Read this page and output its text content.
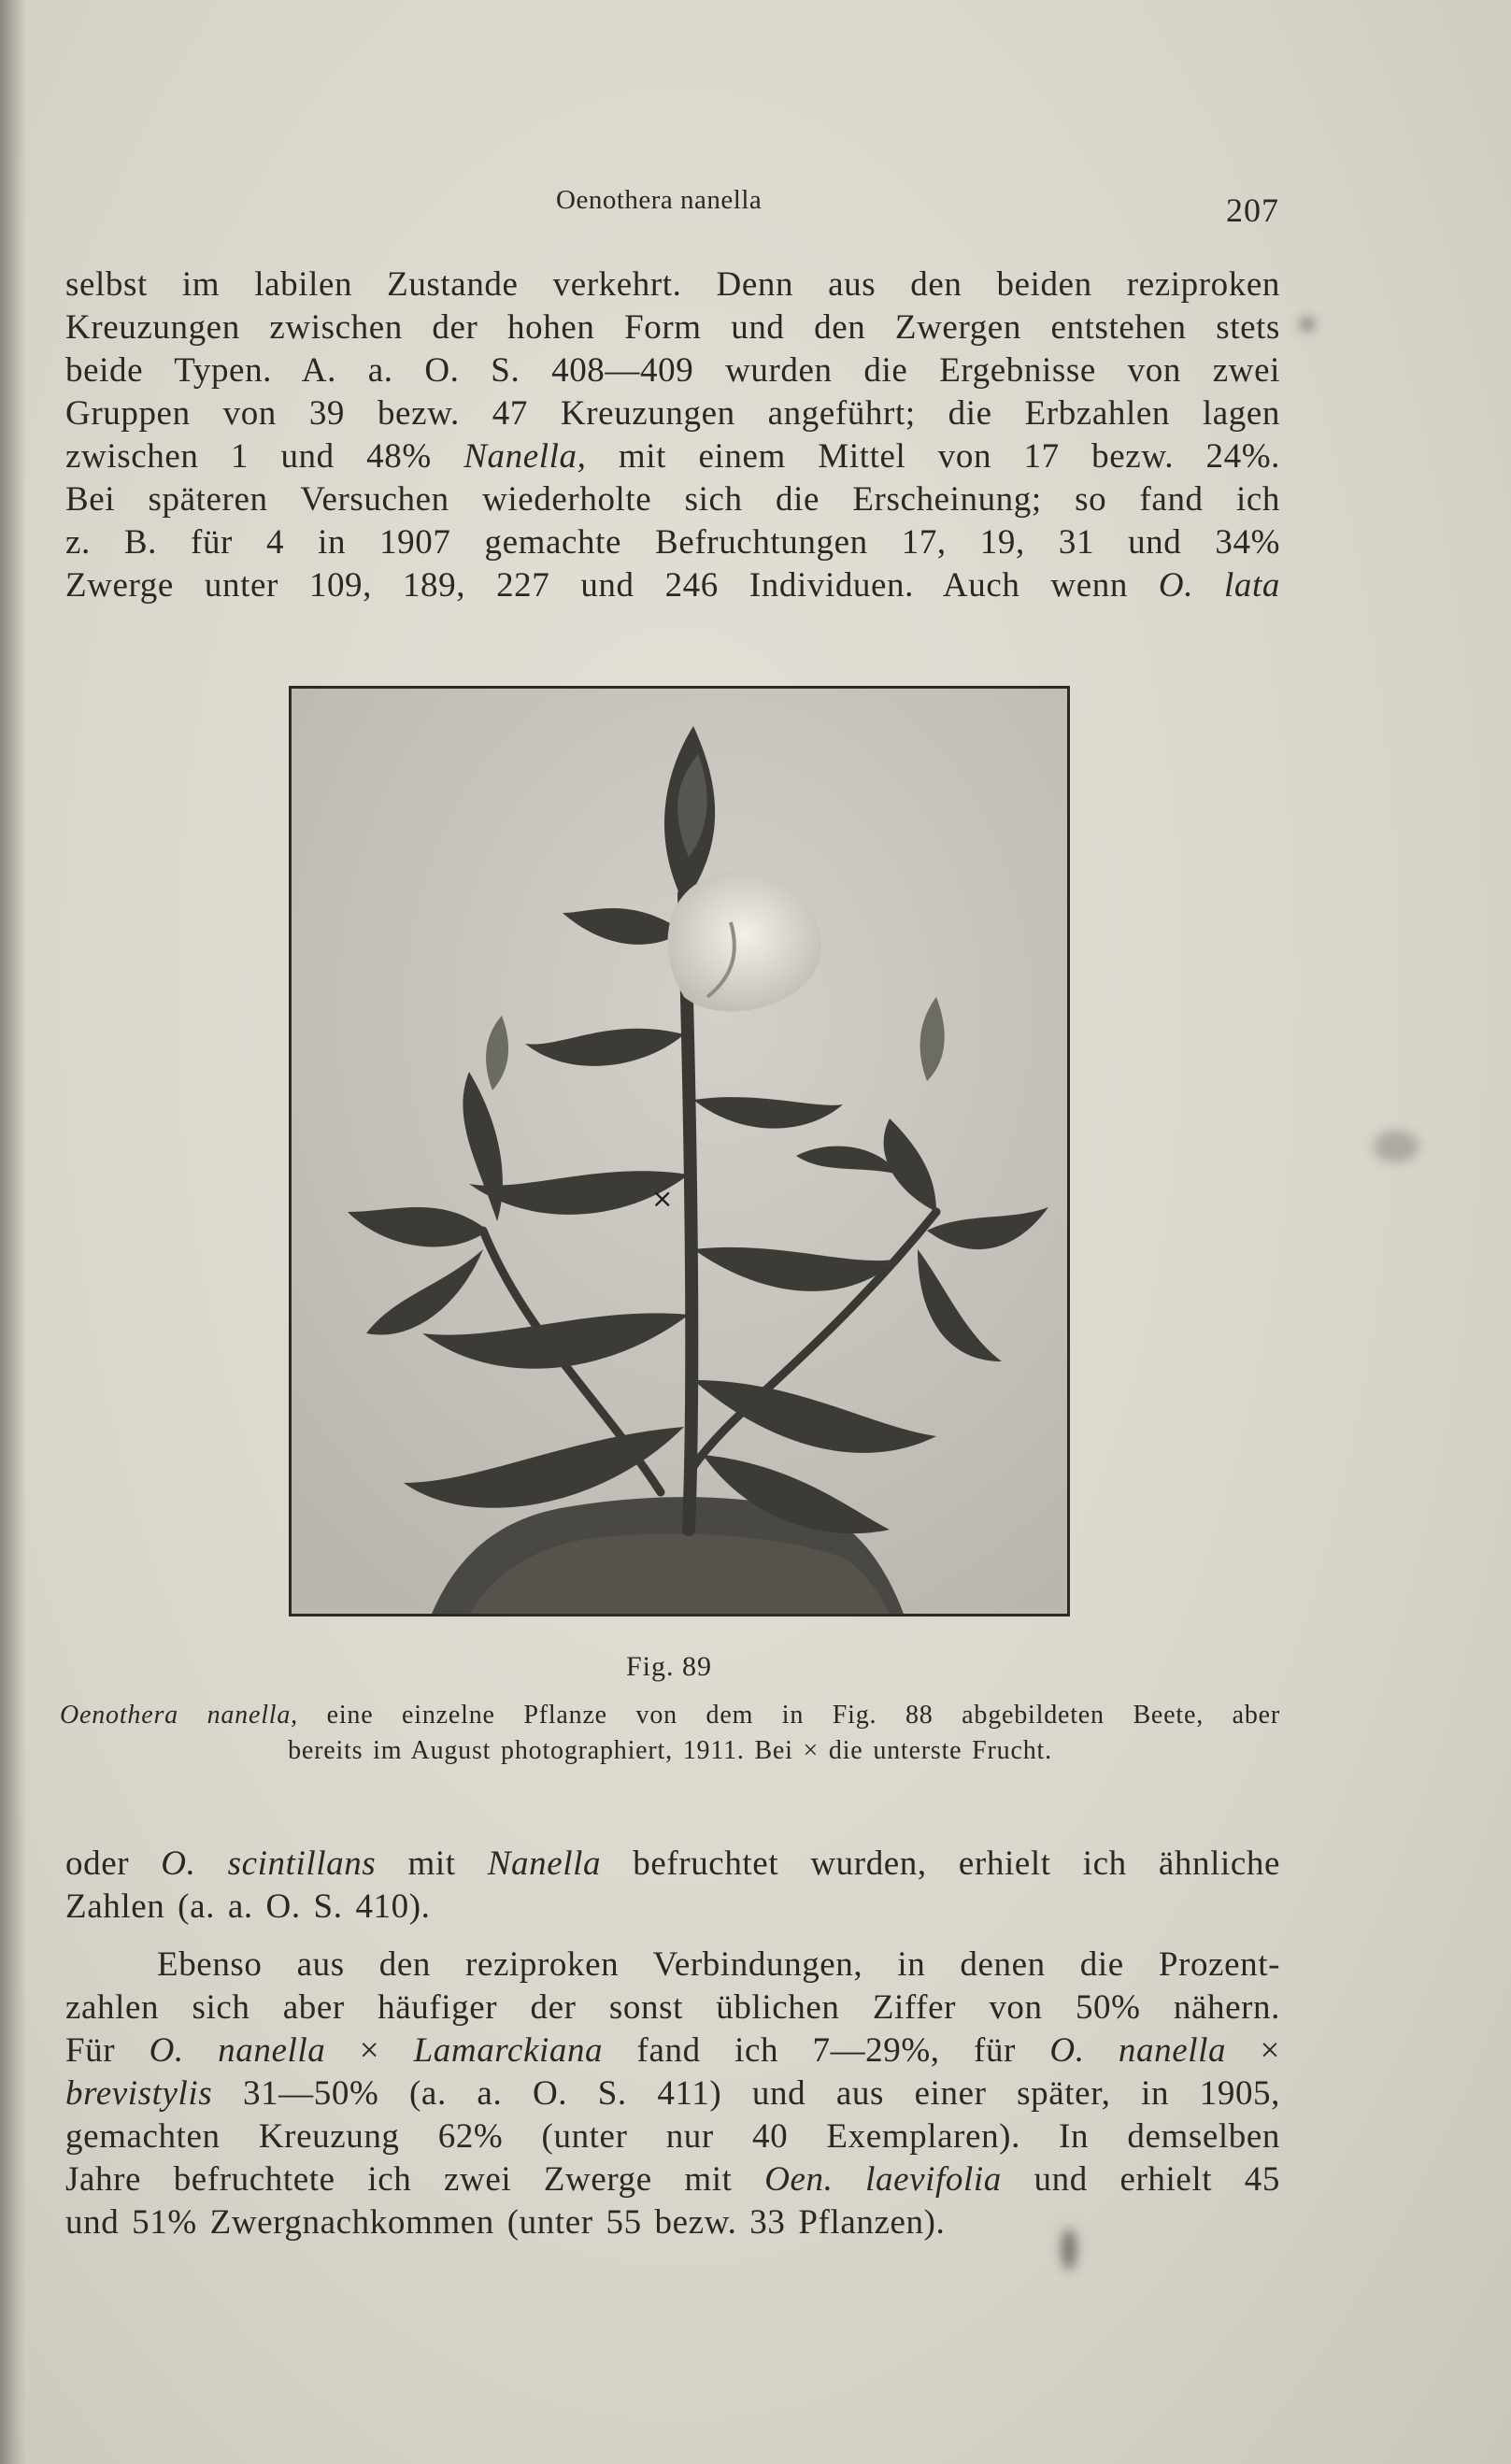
Oenothera nanella	207
selbst im labilen Zustande verkehrt. Denn aus den beiden reziproken
Kreuzungen zwischen der hohen Form und den Zwergen entstehen stets
beide Typen. A. a. O. S. 408—409 wurden die Ergebnisse von zwei
Gruppen von 39 bezw. 47 Kreuzungen angeführt; die Erbzahlen lagen
zwischen 1 und 48% Nanella, mit einem Mittel von 17 bezw. 24%.
Bei späteren Versuchen wiederholte sich die Erscheinung; so fand ich
z. B. für 4 in 1907 gemachte Befruchtungen 17, 19, 31 und 34%
Zwerge unter 109, 189, 227 und 246 Individuen. Auch wenn O. lata
×
Fig. 89
Oenothera nanella, eine einzelne Pflanze von dem in Fig. 88 abgebildeten Beete, aber
bereits im August photographiert, 1911. Bei × die unterste Frucht.
oder O. scintillans mit Nanella befruchtet wurden, erhielt ich ähnliche
Zahlen (a. a. O. S. 410).
Ebenso aus den reziproken Verbindungen, in denen die Prozent-
zahlen sich aber häufiger der sonst üblichen Ziffer von 50% nähern.
Für O. nanella × Lamarckiana fand ich 7—29%, für O. nanella ×
brevistylis 31—50% (a. a. O. S. 411) und aus einer später, in 1905,
gemachten Kreuzung 62% (unter nur 40 Exemplaren). In demselben
Jahre befruchtete ich zwei Zwerge mit Oen. laevifolia und erhielt 45
und 51% Zwergnachkommen (unter 55 bezw. 33 Pflanzen).
